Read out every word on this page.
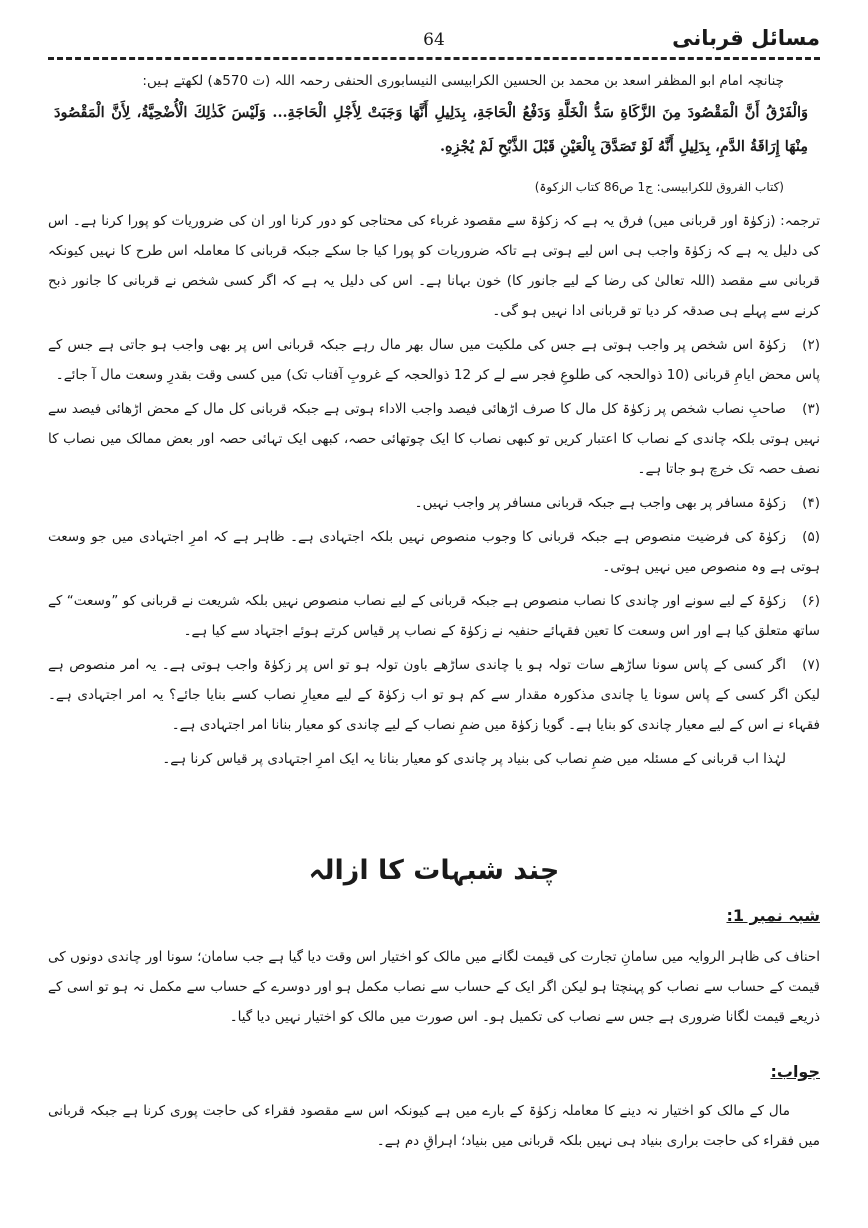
مسائل قربانی
64
چنانچہ امام ابو المظفر اسعد بن محمد بن الحسین الکرابیسی النیسابوری الحنفی رحمہ اللہ (ت 570ھ) لکھتے ہیں:
وَالْفَرْقُ أَنَّ الْمَقْصُودَ مِنَ الزَّكَاةِ سَدُّ الْخَلَّةِ وَدَفْعُ الْحَاجَةِ، بِدَلِيلِ أَنَّهَا وَجَبَتْ لِأَجْلِ الْحَاجَةِ... وَلَيْسَ كَذٰلِكَ الْأُضْحِيَّةُ، لِأَنَّ الْمَقْصُودَ مِنْهَا إِرَاقَةُ الدَّمِ، بِدَلِيلِ أَنَّهُ لَوْ تَصَدَّقَ بِالْعَيْنِ قَبْلَ الذَّبْحِ لَمْ يُجْزِهِ.
(کتاب الفروق للکرابیسی: ج1 ص86 کتاب الزکوۃ)

ترجمہ: (زکوٰۃ اور قربانی میں) فرق یہ ہے کہ زکوٰۃ سے مقصود غرباء کی محتاجی کو دور کرنا اور ان کی ضروریات کو پورا کرنا ہے۔ اس کی دلیل یہ ہے کہ زکوٰۃ واجب ہی اس لیے ہوتی ہے تاکہ ضروریات کو پورا کیا جا سکے جبکہ قربانی کا معاملہ اس طرح کا نہیں کیونکہ قربانی سے مقصد (اللہ تعالیٰ کی رضا کے لیے جانور کا) خون بہانا ہے۔ اس کی دلیل یہ ہے کہ اگر کسی شخص نے قربانی کا جانور ذبح کرنے سے پہلے ہی صدقہ کر دیا تو قربانی ادا نہیں ہو گی۔

(۲)زکوٰۃ اس شخص پر واجب ہوتی ہے جس کی ملکیت میں سال بھر مال رہے جبکہ قربانی اس پر بھی واجب ہو جاتی ہے جس کے پاس محض ایامِ قربانی (10 ذوالحجہ کی طلوعِ فجر سے لے کر 12 ذوالحجہ کے غروبِ آفتاب تک) میں کسی وقت بقدرِ وسعت مال آ جائے۔

(۳)صاحبِ نصاب شخص پر زکوٰۃ کل مال کا صرف اڑھائی فیصد واجب الاداء ہوتی ہے جبکہ قربانی کل مال کے محض اڑھائی فیصد سے نہیں ہوتی بلکہ چاندی کے نصاب کا اعتبار کریں تو کبھی نصاب کا ایک چوتھائی حصہ، کبھی ایک تہائی حصہ اور بعض ممالک میں نصاب کا نصف حصہ تک خرچ ہو جاتا ہے۔

(۴)زکوٰۃ مسافر پر بھی واجب ہے جبکہ قربانی مسافر پر واجب نہیں۔

(۵)زکوٰۃ کی فرضیت منصوص ہے جبکہ قربانی کا وجوب منصوص نہیں بلکہ اجتہادی ہے۔ ظاہر ہے کہ امرِ اجتہادی میں جو وسعت ہوتی ہے وہ منصوص میں نہیں ہوتی۔

(۶)زکوٰۃ کے لیے سونے اور چاندی کا نصاب منصوص ہے جبکہ قربانی کے لیے نصاب منصوص نہیں بلکہ شریعت نے قربانی کو ”وسعت“ کے ساتھ متعلق کیا ہے اور اس وسعت کا تعین فقہائے حنفیہ نے زکوٰۃ کے نصاب پر قیاس کرتے ہوئے اجتہاد سے کیا ہے۔

(۷)اگر کسی کے پاس سونا ساڑھے سات تولہ ہو یا چاندی ساڑھے باون تولہ ہو تو اس پر زکوٰۃ واجب ہوتی ہے۔ یہ امر منصوص ہے لیکن اگر کسی کے پاس سونا یا چاندی مذکورہ مقدار سے کم ہو تو اب زکوٰۃ کے لیے معیارِ نصاب کسے بنایا جائے؟ یہ امر اجتہادی ہے۔ فقہاء نے اس کے لیے معیار چاندی کو بنایا ہے۔ گویا زکوٰۃ میں ضمِ نصاب کے لیے چاندی کو معیار بنانا امر اجتہادی ہے۔

لہٰذا اب قربانی کے مسئلہ میں ضمِ نصاب کی بنیاد پر چاندی کو معیار بنانا یہ ایک امرِ اجتہادی پر قیاس کرنا ہے۔

چند شبہات کا ازالہ
شبہ نمبر 1:
احناف کی ظاہر الروایہ میں سامانِ تجارت کی قیمت لگانے میں مالک کو اختیار اس وقت دیا گیا ہے جب سامان؛ سونا اور چاندی دونوں کی قیمت کے حساب سے نصاب کو پہنچتا ہو لیکن اگر ایک کے حساب سے نصاب مکمل ہو اور دوسرے کے حساب سے مکمل نہ ہو تو اسی کے ذریعے قیمت لگانا ضروری ہے جس سے نصاب کی تکمیل ہو۔ اس صورت میں مالک کو اختیار نہیں دیا گیا۔
جواب:
مال کے مالک کو اختیار نہ دینے کا معاملہ زکوٰۃ کے بارے میں ہے کیونکہ اس سے مقصود فقراء کی حاجت پوری کرنا ہے جبکہ قربانی میں فقراء کی حاجت براری بنیاد ہی نہیں بلکہ قربانی میں بنیاد؛ اہراقِ دم ہے۔
